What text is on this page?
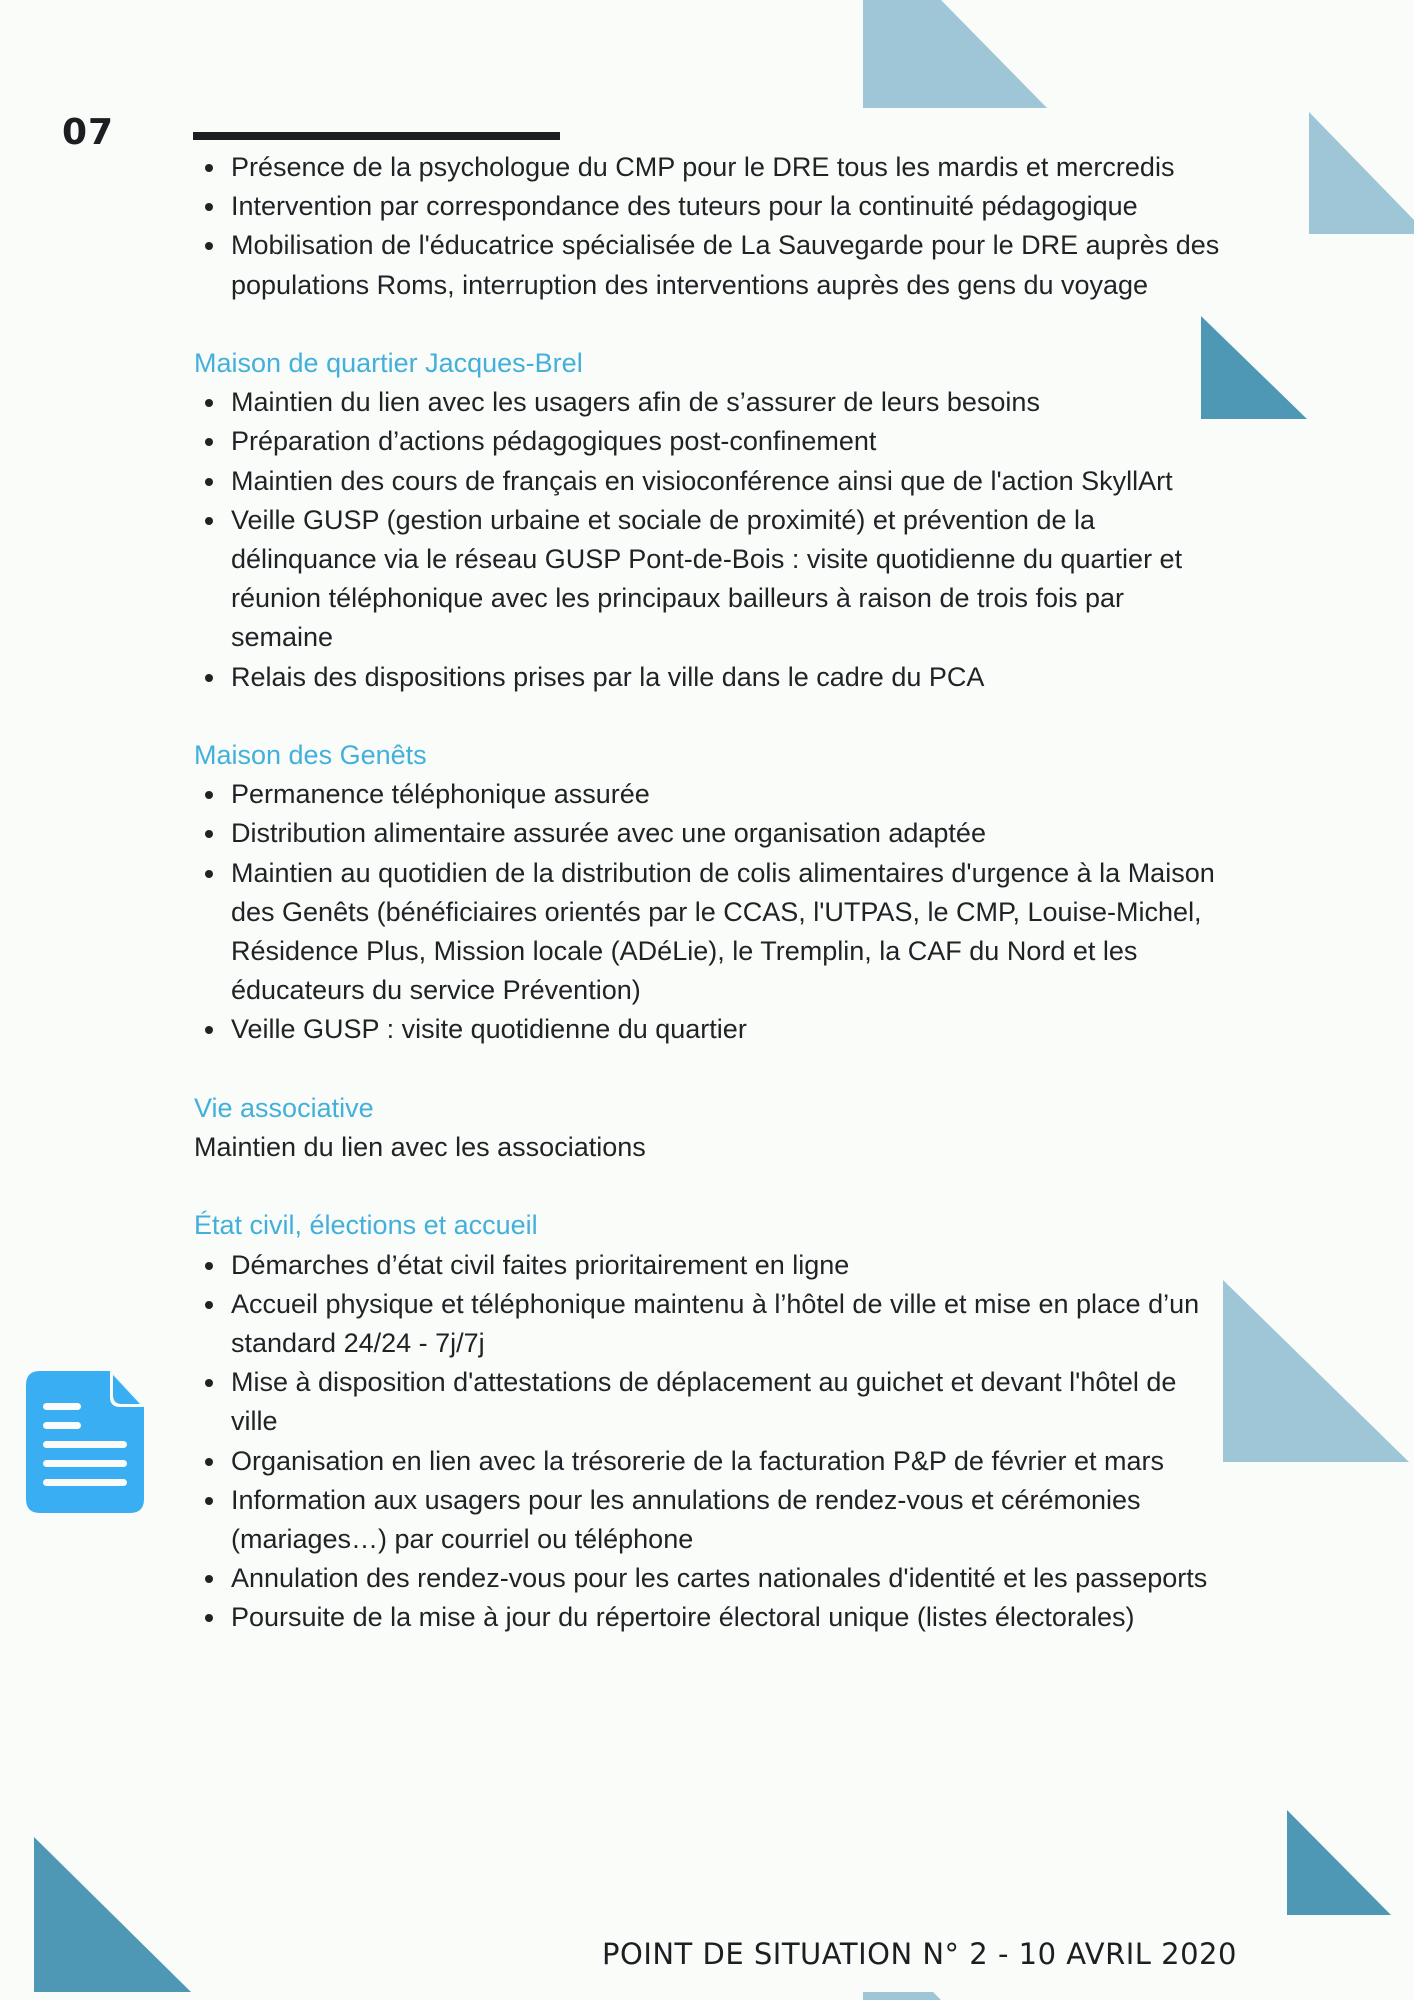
07
Présence de la psychologue du CMP pour le DRE tous les mardis et mercredis
Intervention par correspondance des tuteurs pour la continuité pédagogique
Mobilisation de l'éducatrice spécialisée de La Sauvegarde pour le DRE auprès des populations Roms, interruption des interventions auprès des gens du voyage

Maison de quartier Jacques-Brel

Maintien du lien avec les usagers afin de s’assurer de leurs besoins
Préparation d’actions pédagogiques post-confinement
Maintien des cours de français en visioconférence ainsi que de l'action SkyllArt
Veille GUSP (gestion urbaine et sociale de proximité) et prévention de la délinquance via le réseau GUSP Pont-de-Bois : visite quotidienne du quartier et réunion téléphonique avec les principaux bailleurs à raison de trois fois par semaine
Relais des dispositions prises par la ville dans le cadre du PCA

Maison des Genêts

Permanence téléphonique assurée
Distribution alimentaire assurée avec une organisation adaptée
Maintien au quotidien de la distribution de colis alimentaires d'urgence à la Maison des Genêts (bénéficiaires orientés par le CCAS, l'UTPAS, le CMP, Louise-Michel, Résidence Plus, Mission locale (ADéLie), le Tremplin, la CAF du Nord et les éducateurs du service Prévention)
Veille GUSP : visite quotidienne du quartier

Vie associative

Maintien du lien avec les associations

État civil, élections et accueil

Démarches d’état civil faites prioritairement en ligne
Accueil physique et téléphonique maintenu à l’hôtel de ville et mise en place d’un standard 24/24 - 7j/7j
Mise à disposition d'attestations de déplacement au guichet et devant l'hôtel de ville
Organisation en lien avec la trésorerie de la facturation P&P de février et mars
Information aux usagers pour les annulations de rendez-vous et cérémonies (mariages…) par courriel ou téléphone
Annulation des rendez-vous pour les cartes nationales d'identité et les passeports
Poursuite de la mise à jour du répertoire électoral unique (listes électorales)
POINT DE SITUATION N° 2 - 10 AVRIL 2020
